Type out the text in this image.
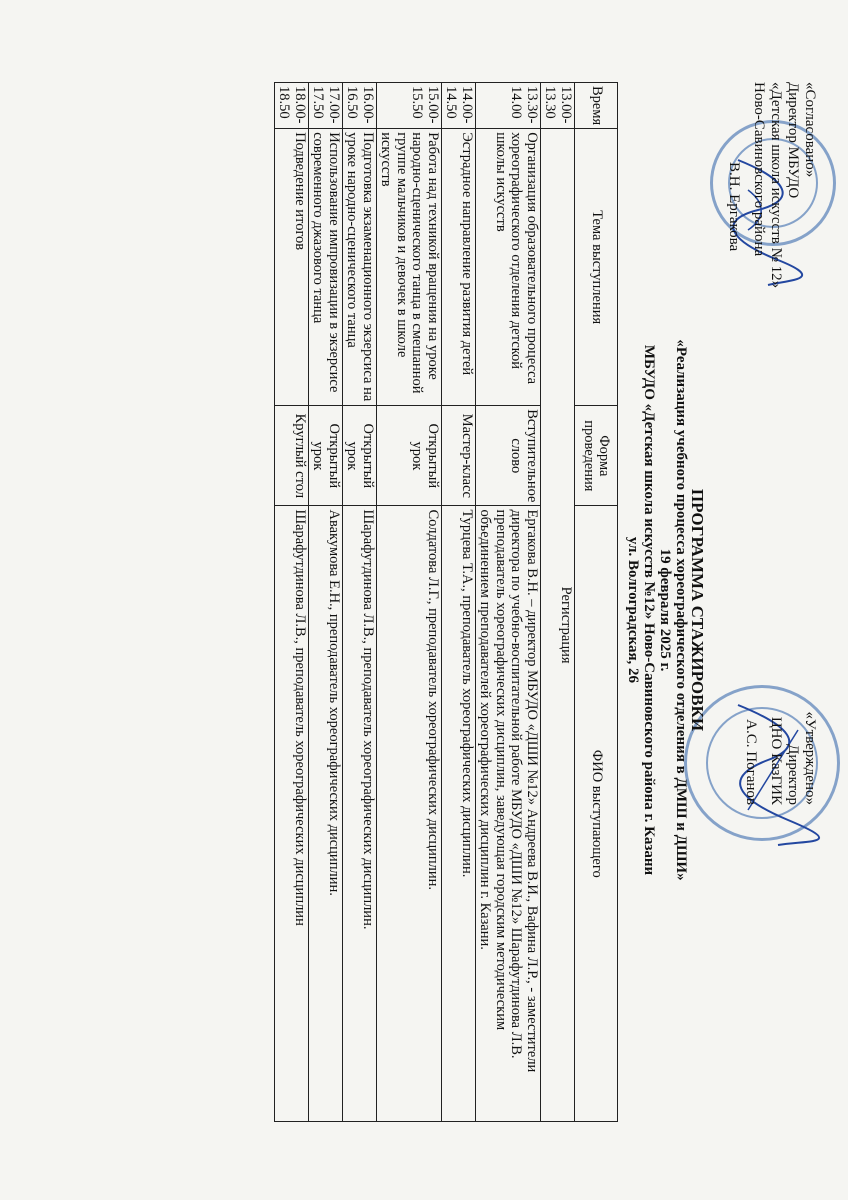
«Согласовано»
Директор МБУДО
«Детская школа искусств № 12»
Ново-Савиновского района
В.Н. Ергакова
«Утверждено»
Директор
ЦНО КазГИК
А.С. Поганов
ПРОГРАММА СТАЖИРОВКИ
«Реализация учебного процесса хореографического отделения в ДМШ и ДШИ»
19 февраля 2025 г.
МБУДО «Детская школа искусств №12» Ново-Савиновского района г. Казани
ул. Волгоградская, 26
Время	Тема выступления	Форма проведения	ФИО выступающего
13.00-13.30	Регистрация		
13.30-14.00	Организация образовательного процесса хореографического отделения детской школы искусств	Вступительное слово	Ергакова В.Н. – директор МБУДО «ДШИ №12» Андреева В.И., Вафина Л.Р., - заместители директора по учебно-воспитательной работе МБУДО «ДШИ №12» Шарафутдинова Л.В. преподаватель хореографических дисциплин, заведующая городским методическим объединением преподавателей хореографических дисциплин г. Казани.
14.00-14.50	Эстрадное направление развития детей	Мастер-класс	Турцева Т.А., преподаватель хореографических дисциплин.
15.00-15.50	Работа над техникой вращения на уроке народно-сценического танца в смешанной группе мальчиков и девочек в школе искусств	Открытый урок	Солдатова Л.Г., преподаватель хореографических дисциплин.
16.00-16.50	Подготовка экзаменационного экзерсиса на уроке народно-сценического танца	Открытый урок	Шарафутдинова Л.В., преподаватель хореографических дисциплин.
17.00-17.50	Использование импровизации в экзерсисе современного джазового танца	Открытый урок	Авакумова Е.Н., преподаватель хореографических дисциплин.
18.00-18.50	Подведение итогов	Круглый стол	Шарафутдинова Л.В., преподаватель хореографических дисциплин
